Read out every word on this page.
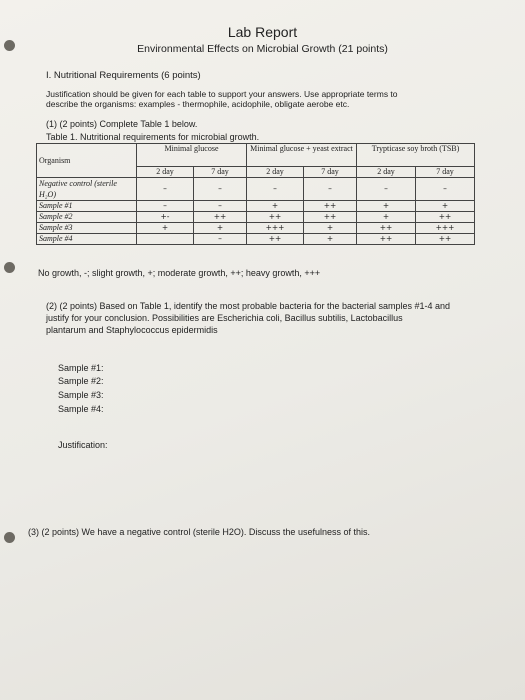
Lab Report
Environmental Effects on Microbial Growth (21 points)
I. Nutritional Requirements (6 points)
Justification should be given for each table to support your answers. Use appropriate terms to
describe the organisms: examples - thermophile, acidophile, obligate aerobe etc.
(1) (2 points) Complete Table 1 below.
Table 1. Nutritional requirements for microbial growth.
Organism	Minimal glucose		Minimal glucose + yeast extract		Trypticase soy broth (TSB)	
	2 day	7 day	2 day	7 day	2 day	7 day
Negative control (sterile H₂O)	–	–	–	–	–	–
Sample #1	–	–	+	++	+	+
Sample #2	+-	++	++	++	+	++
Sample #3	+	+	+++	+	++	+++
Sample #4		–	++	+	++	++
No growth, -; slight growth, +; moderate growth, ++; heavy growth, +++
(2) (2 points) Based on Table 1, identify the most probable bacteria for the bacterial samples #1-4 and
justify for your conclusion. Possibilities are Escherichia coli, Bacillus subtilis, Lactobacillus
plantarum and Staphylococcus epidermidis
Sample #1:
Sample #2:
Sample #3:
Sample #4:
Justification:
(3) (2 points) We have a negative control (sterile H2O). Discuss the usefulness of this.
